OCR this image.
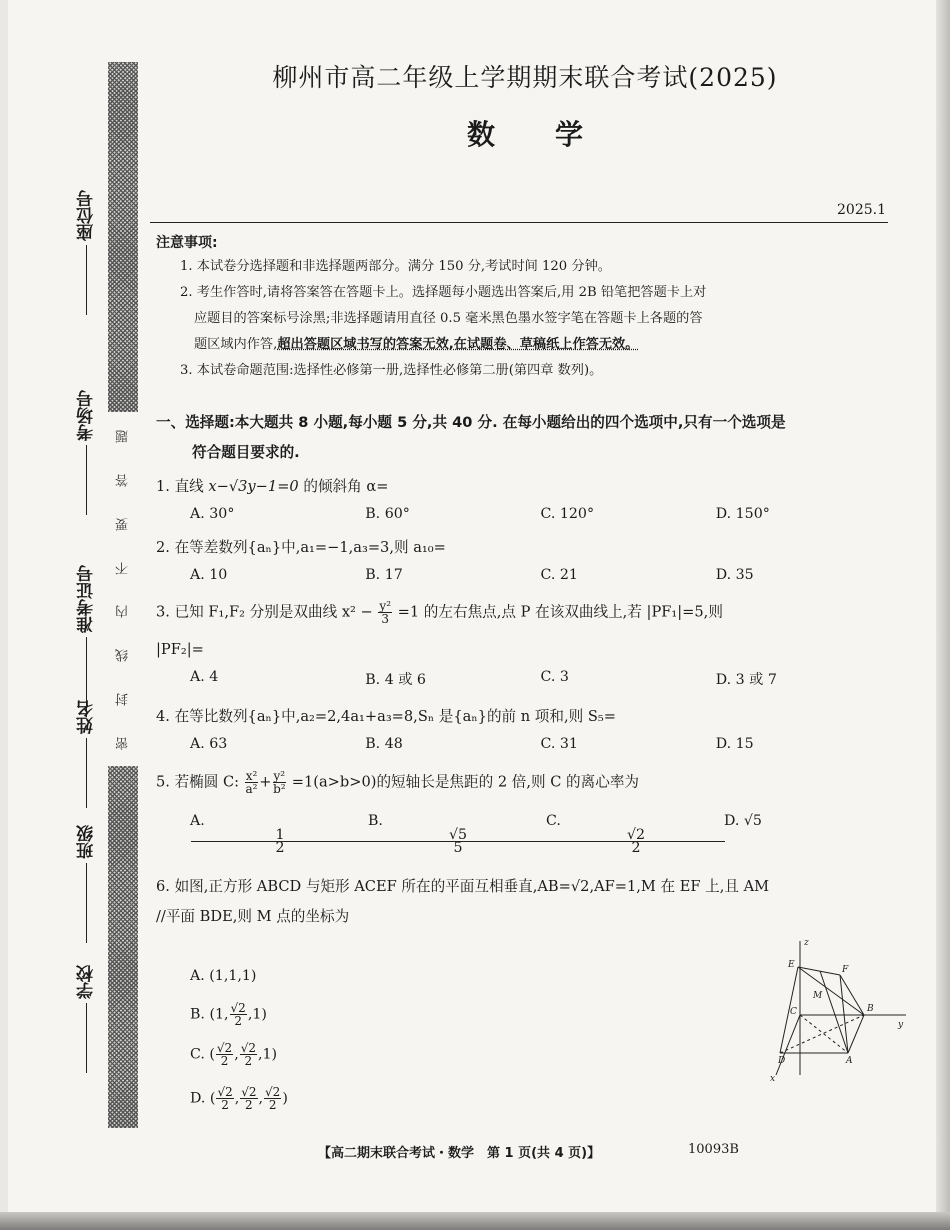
题
答
要
不
内
线
封
密
座位号
考场号
准考证号
姓名
班级
学校
柳州市高二年级上学期期末联合考试(2025)
数学
2025.1
注意事项:

1. 本试卷分选择题和非选择题两部分。满分 150 分,考试时间 120 分钟。

2. 考生作答时,请将答案答在答题卡上。选择题每小题选出答案后,用 2B 铅笔把答题卡上对

应题目的答案标号涂黑;非选择题请用直径 0.5 毫米黑色墨水签字笔在答题卡上各题的答

题区域内作答,超出答题区域书写的答案无效,在试题卷、草稿纸上作答无效。

3. 本试卷命题范围:选择性必修第一册,选择性必修第二册(第四章 数列)。

一、选择题:本大题共 8 小题,每小题 5 分,共 40 分. 在每小题给出的四个选项中,只有一个选项是
符合题目要求的.
1. 直线 x−√3y−1=0 的倾斜角 α=
A. 30°	B. 60°	C. 120°	D. 150°
2. 在等差数列{aₙ}中,a₁=−1,a₃=3,则 a₁₀=
A. 10	B. 17	C. 21	D. 35
3. 已知 F₁,F₂ 分别是双曲线 $x^2 - \frac{\text{y²}}{3} =1$ 的左右焦点,点 P 在该双曲线上,若 |PF₁|=5,则
|PF₂|=
A. 4	B. 4 或 6	C. 3	D. 3 或 7
4. 在等比数列{aₙ}中,a₂=2,4a₁+a₃=8,Sₙ 是{aₙ}的前 n 项和,则 S₅=
A. 63	B. 48	C. 31	D. 15
5. 若椭圆 C: $\frac{\text{x²}}{\text{a²}} + \frac{\text{y²}}{\text{b²}} =1(a>b>0)$的短轴长是焦距的 2 倍,则 C 的离心率为
A.
$\frac{1}{2}$
B.
$\frac{√5}{5}$
C.
$\frac{√2}{2}$
D. √5
6. 如图,正方形 ABCD 与矩形 ACEF 所在的平面互相垂直,AB=√2,AF=1,M 在 EF 上,且 AM
//平面 BDE,则 M 点的坐标为
A. (1,1,1)
B. (1, $\frac{√2}{2} ,1$)
C. ( $\frac{√2}{2}$ , $\frac{√2}{2} ,1$)
D. ( $\frac{√2}{2}$ , $\frac{√2}{2}$ , $\frac{√2}{2}$ )
z
E	F
M
C	B
y
D	A
x
【高二期末联合考试・数学　第 1 页(共 4 页)】	10093B
